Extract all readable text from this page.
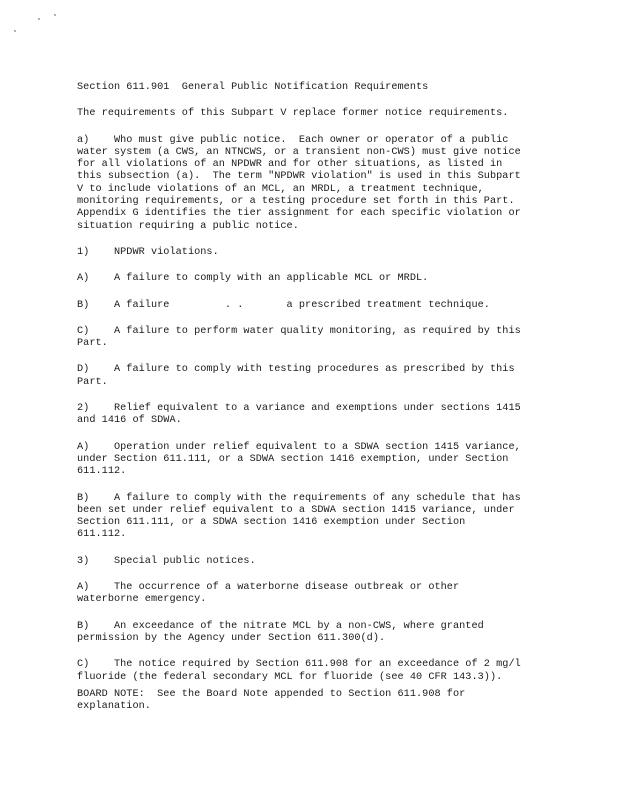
Section 611.901  General Public Notification Requirements
The requirements of this Subpart V replace former notice requirements.
a)    Who must give public notice.  Each owner or operator of a public
water system (a CWS, an NTNCWS, or a transient non-CWS) must give notice
for all violations of an NPDWR and for other situations, as listed in
this subsection (a).  The term "NPDWR violation" is used in this Subpart
V to include violations of an MCL, an MRDL, a treatment technique,
monitoring requirements, or a testing procedure set forth in this Part.
Appendix G identifies the tier assignment for each specific violation or
situation requiring a public notice.
1)    NPDWR violations.
A)    A failure to comply with an applicable MCL or MRDL.
B)    A failure         . .       a prescribed treatment technique.
C)    A failure to perform water quality monitoring, as required by this
Part.
D)    A failure to comply with testing procedures as prescribed by this
Part.
2)    Relief equivalent to a variance and exemptions under sections 1415
and 1416 of SDWA.
A)    Operation under relief equivalent to a SDWA section 1415 variance,
under Section 611.111, or a SDWA section 1416 exemption, under Section
611.112.
B)    A failure to comply with the requirements of any schedule that has
been set under relief equivalent to a SDWA section 1415 variance, under
Section 611.111, or a SDWA section 1416 exemption under Section
611.112.
3)    Special public notices.
A)    The occurrence of a waterborne disease outbreak or other
waterborne emergency.
B)    An exceedance of the nitrate MCL by a non-CWS, where granted
permission by the Agency under Section 611.300(d).
C)    The notice required by Section 611.908 for an exceedance of 2 mg/l
fluoride (the federal secondary MCL for fluoride (see 40 CFR 143.3)).
BOARD NOTE:  See the Board Note appended to Section 611.908 for
explanation.
